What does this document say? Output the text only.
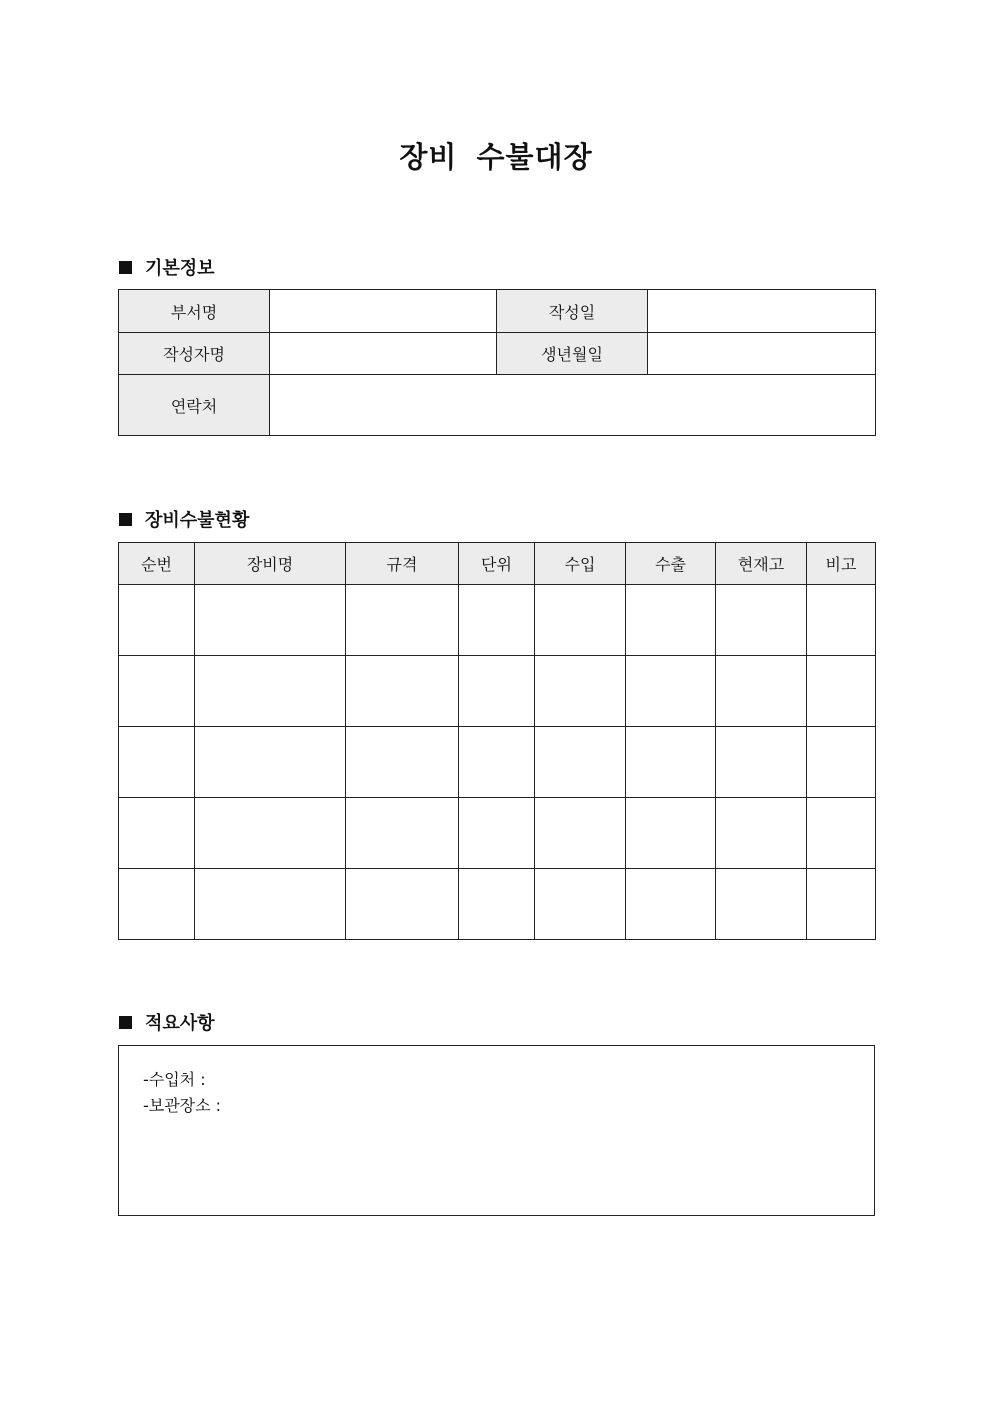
장비 수불대장
기본정보
부서명		작성일	
작성자명		생년월일	
연락처			
장비수불현황
순번	장비명	규격	단위	수입	수출	현재고	비고

적요사항
-수입처 :
-보관장소 :
